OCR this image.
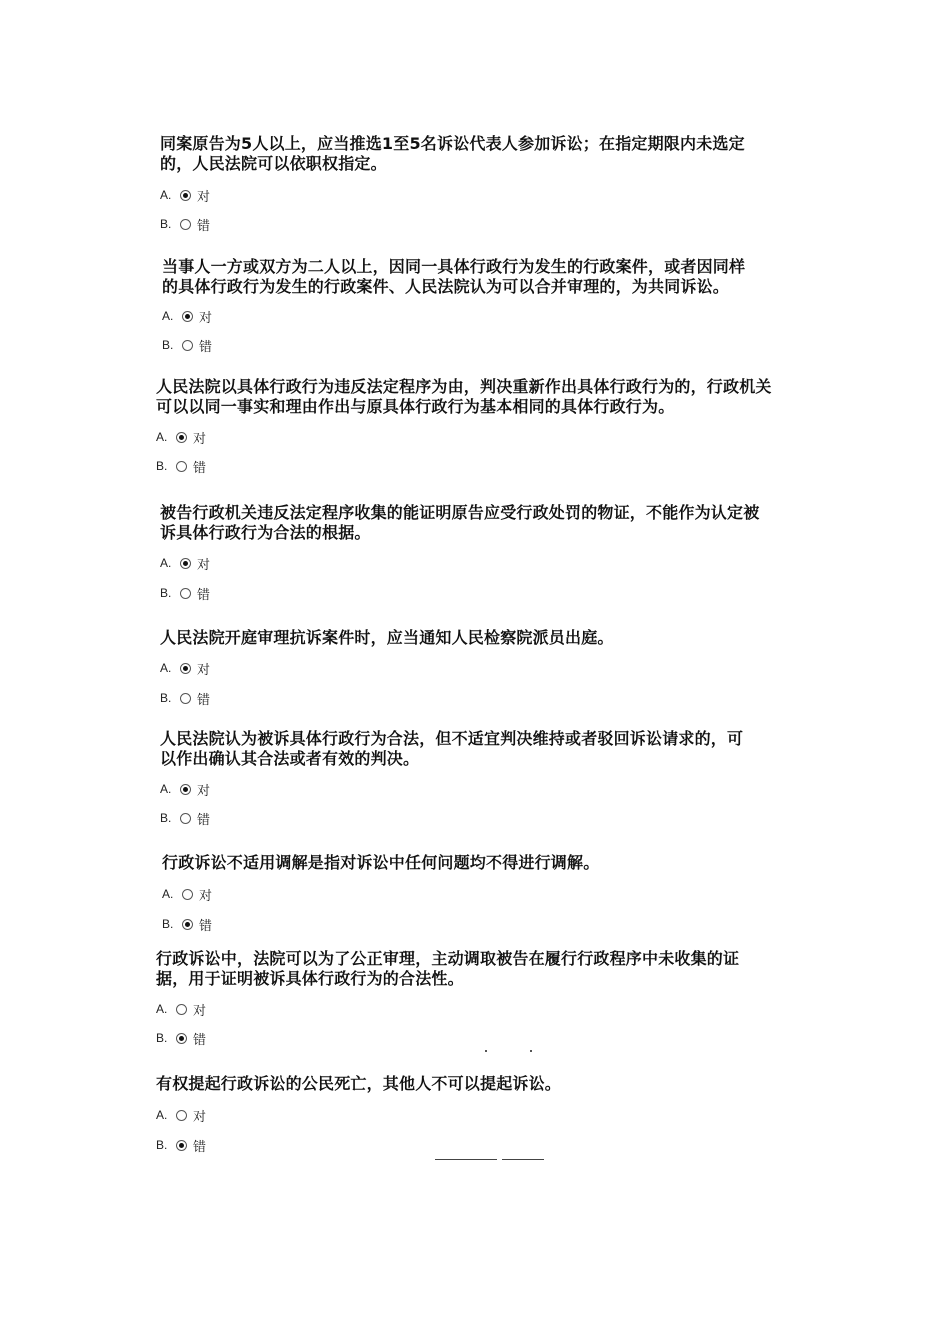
同案原告为5人以上，应当推选1至5名诉讼代表人参加诉讼；在指定期限内未选定的，人民法院可以依职权指定。

A.	对
B.	错

当事人一方或双方为二人以上，因同一具体行政行为发生的行政案件，或者因同样的具体行政行为发生的行政案件、人民法院认为可以合并审理的，为共同诉讼。

A.	对
B.	错

人民法院以具体行政行为违反法定程序为由，判决重新作出具体行政行为的，行政机关可以以同一事实和理由作出与原具体行政行为基本相同的具体行政行为。

A.	对
B.	错

被告行政机关违反法定程序收集的能证明原告应受行政处罚的物证，不能作为认定被诉具体行政行为合法的根据。

A.	对
B.	错

人民法院开庭审理抗诉案件时，应当通知人民检察院派员出庭。

A.	对
B.	错

人民法院认为被诉具体行政行为合法，但不适宜判决维持或者驳回诉讼请求的，可以作出确认其合法或者有效的判决。

A.	对
B.	错

行政诉讼不适用调解是指对诉讼中任何问题均不得进行调解。

A.	对
B.	错

行政诉讼中，法院可以为了公正审理，主动调取被告在履行行政程序中未收集的证据，用于证明被诉具体行政行为的合法性。

A.	对
B.	错

有权提起行政诉讼的公民死亡，其他人不可以提起诉讼。

A.	对
B.	错
